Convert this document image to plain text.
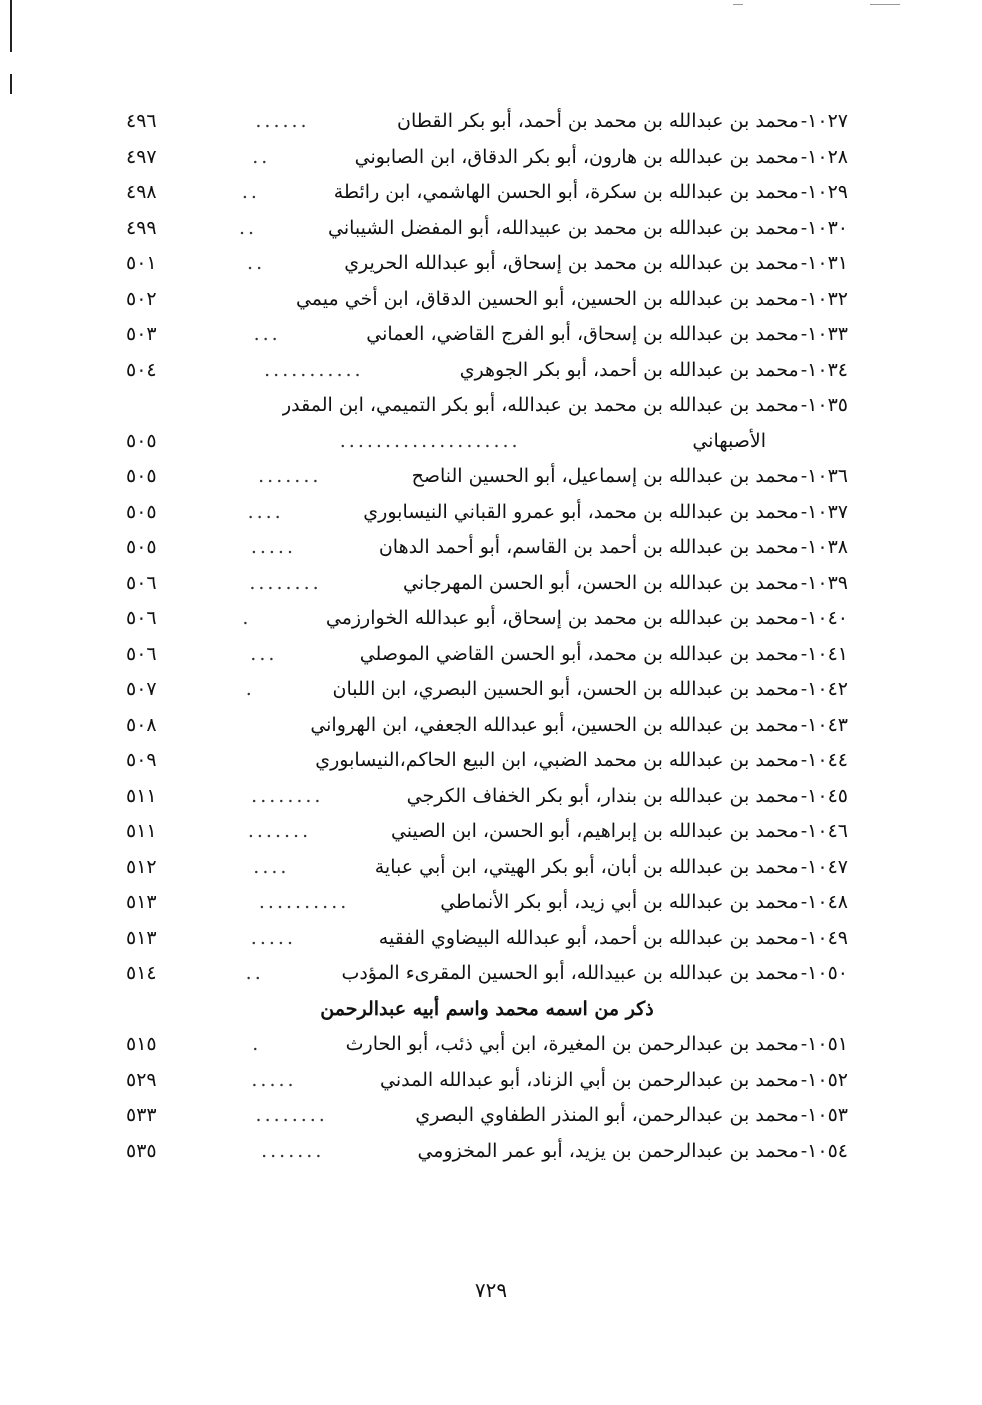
١٠٢٧-
محمد بن عبدالله بن محمد بن أحمد، أبو بكر القطان
......
٤٩٦
١٠٢٨-
محمد بن عبدالله بن هارون، أبو بكر الدقاق، ابن الصابوني
..
٤٩٧
١٠٢٩-
محمد بن عبدالله بن سكرة، أبو الحسن الهاشمي، ابن رائطة
..
٤٩٨
١٠٣٠-
محمد بن عبدالله بن محمد بن عبيدالله، أبو المفضل الشيباني
..
٤٩٩
١٠٣١-
محمد بن عبدالله بن محمد بن إسحاق، أبو عبدالله الحريري
..
٥٠١
١٠٣٢-
محمد بن عبدالله بن الحسين، أبو الحسين الدقاق، ابن أخي ميمي
٥٠٢
١٠٣٣-
محمد بن عبدالله بن إسحاق، أبو الفرج القاضي، العماني
...
٥٠٣
١٠٣٤-
محمد بن عبدالله بن أحمد، أبو بكر الجوهري
...........
٥٠٤
١٠٣٥-
محمد بن عبدالله بن محمد بن عبدالله، أبو بكر التميمي، ابن المقدر
الأصبهاني
....................
٥٠٥
١٠٣٦-
محمد بن عبدالله بن إسماعيل، أبو الحسين الناصح
.......
٥٠٥
١٠٣٧-
محمد بن عبدالله بن محمد، أبو عمرو القباني النيسابوري
....
٥٠٥
١٠٣٨-
محمد بن عبدالله بن أحمد بن القاسم، أبو أحمد الدهان
.....
٥٠٥
١٠٣٩-
محمد بن عبدالله بن الحسن، أبو الحسن المهرجاني
........
٥٠٦
١٠٤٠-
محمد بن عبدالله بن محمد بن إسحاق، أبو عبدالله الخوارزمي
.
٥٠٦
١٠٤١-
محمد بن عبدالله بن محمد، أبو الحسن القاضي الموصلي
...
٥٠٦
١٠٤٢-
محمد بن عبدالله بن الحسن، أبو الحسين البصري، ابن اللبان
.
٥٠٧
١٠٤٣-
محمد بن عبدالله بن الحسين، أبو عبدالله الجعفي، ابن الهرواني
٥٠٨
١٠٤٤-
محمد بن عبدالله بن محمد الضبي، ابن البيع الحاكم،النيسابوري
٥٠٩
١٠٤٥-
محمد بن عبدالله بن بندار، أبو بكر الخفاف الكرجي
........
٥١١
١٠٤٦-
محمد بن عبدالله بن إبراهيم، أبو الحسن، ابن الصيني
.......
٥١١
١٠٤٧-
محمد بن عبدالله بن أبان، أبو بكر الهيتي، ابن أبي عباية
....
٥١٢
١٠٤٨-
محمد بن عبدالله بن أبي زيد، أبو بكر الأنماطي
..........
٥١٣
١٠٤٩-
محمد بن عبدالله بن أحمد، أبو عبدالله البيضاوي الفقيه
.....
٥١٣
١٠٥٠-
محمد بن عبدالله بن عبيدالله، أبو الحسين المقرىء المؤدب
..
٥١٤
ذكر من اسمه محمد واسم أبيه عبدالرحمن
١٠٥١-
محمد بن عبدالرحمن بن المغيرة، ابن أبي ذئب، أبو الحارث
.
٥١٥
١٠٥٢-
محمد بن عبدالرحمن بن أبي الزناد، أبو عبدالله المدني
.....
٥٢٩
١٠٥٣-
محمد بن عبدالرحمن، أبو المنذر الطفاوي البصري
........
٥٣٣
١٠٥٤-
محمد بن عبدالرحمن بن يزيد، أبو عمر المخزومي
.......
٥٣٥
٧٢٩
